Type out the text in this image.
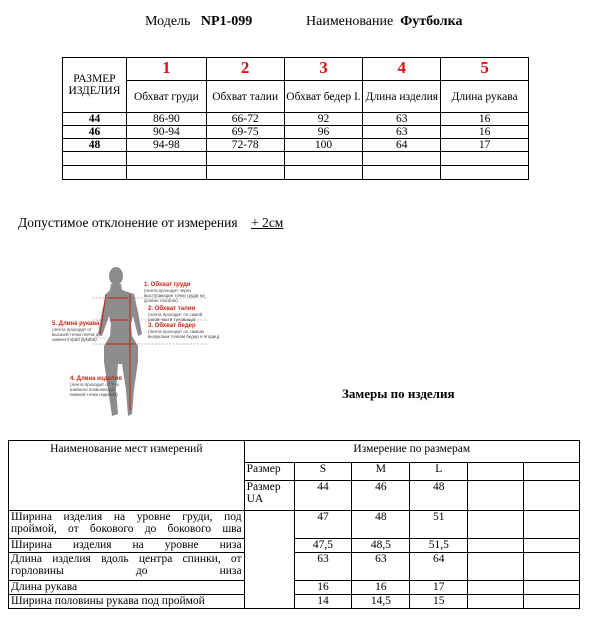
Модель NP1-099	Наименование Футболка
РАЗМЕР ИЗДЕЛИЯ	1	2	3	4	5
	Обхват груди	Обхват талии	Обхват бедер I.	Длина изделия	Длина рукава
44	86-90	66-72	92	63	16
46	90-94	69-75	96	63	16
48	94-98	72-78	100	64	17

Допустимое отклонение от измерения + 2см
1. Обхват груди
(лента проходит через выступающие точки груди на уровне лопаток)
2. Обхват талии
(лента проходит по самой узкой части туловища)
3. Обхват бедер
(лента проходит по самым выпуклым точкам бедер и ягодиц)
4. Длина изделия
(лента проходит от 7-го шейного позвонка до нижней точки изделия)
5. Длина рукава
(лента проходит от высшей точки плеча до нижнего края рукава)
Замеры по изделия
Наименование мест измерений	Измерение по размерам					
	Размер	S	M	L		
	Размер UA	44	46	48		
Ширина изделия на уровне груди, под проймой, от бокового до бокового шва		47	48	51		
Ширина изделия на уровне низа		47,5	48,5	51,5		
Длина изделия вдоль центра спинки, от горловины до низа		63	63	64		
Длина рукава		16	16	17		
Ширина половины рукава под проймой		14	14,5	15		
